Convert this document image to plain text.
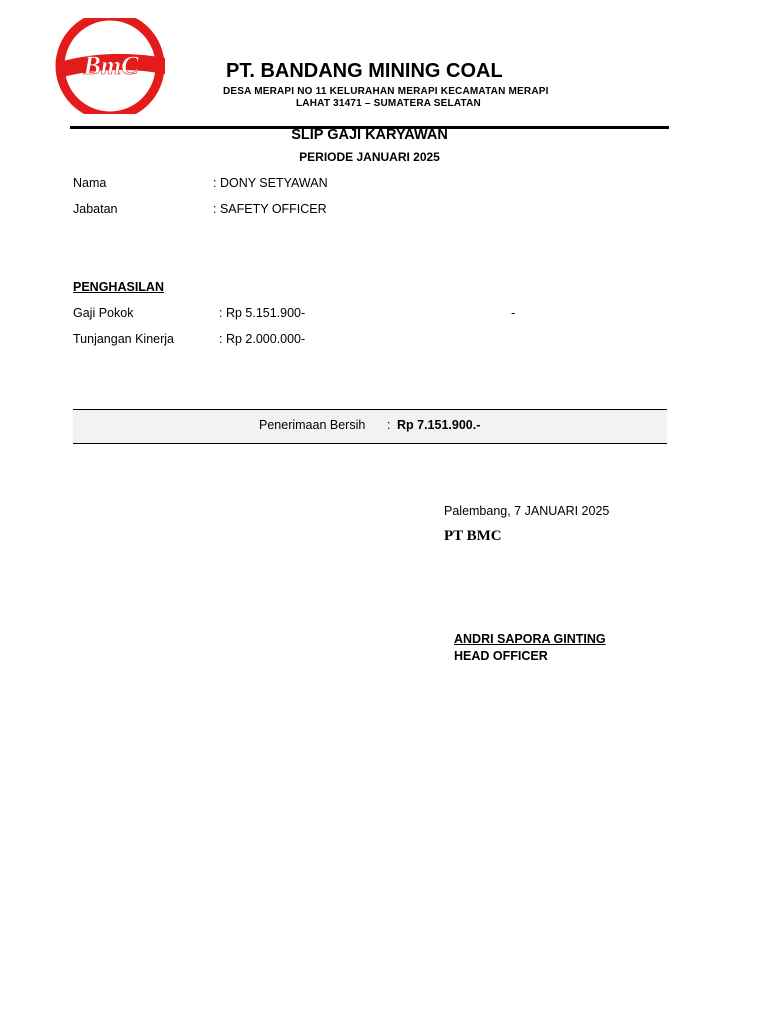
BmC	PT. BANDANG MINING COAL
DESA MERAPI NO 11 KELURAHAN MERAPI KECAMATAN MERAPI
LAHAT 31471 – SUMATERA SELATAN
SLIP GAJI KARYAWAN
PERIODE JANUARI 2025
Nama	: DONY SETYAWAN
Jabatan	: SAFETY OFFICER
PENGHASILAN
Gaji Pokok	: Rp 5.151.900-	-
Tunjangan Kinerja	: Rp 2.000.000-
Penerimaan Bersih : Rp 7.151.900.-
Palembang, 7 JANUARI 2025
PT BMC
ANDRI SAPORA GINTING
HEAD OFFICER
